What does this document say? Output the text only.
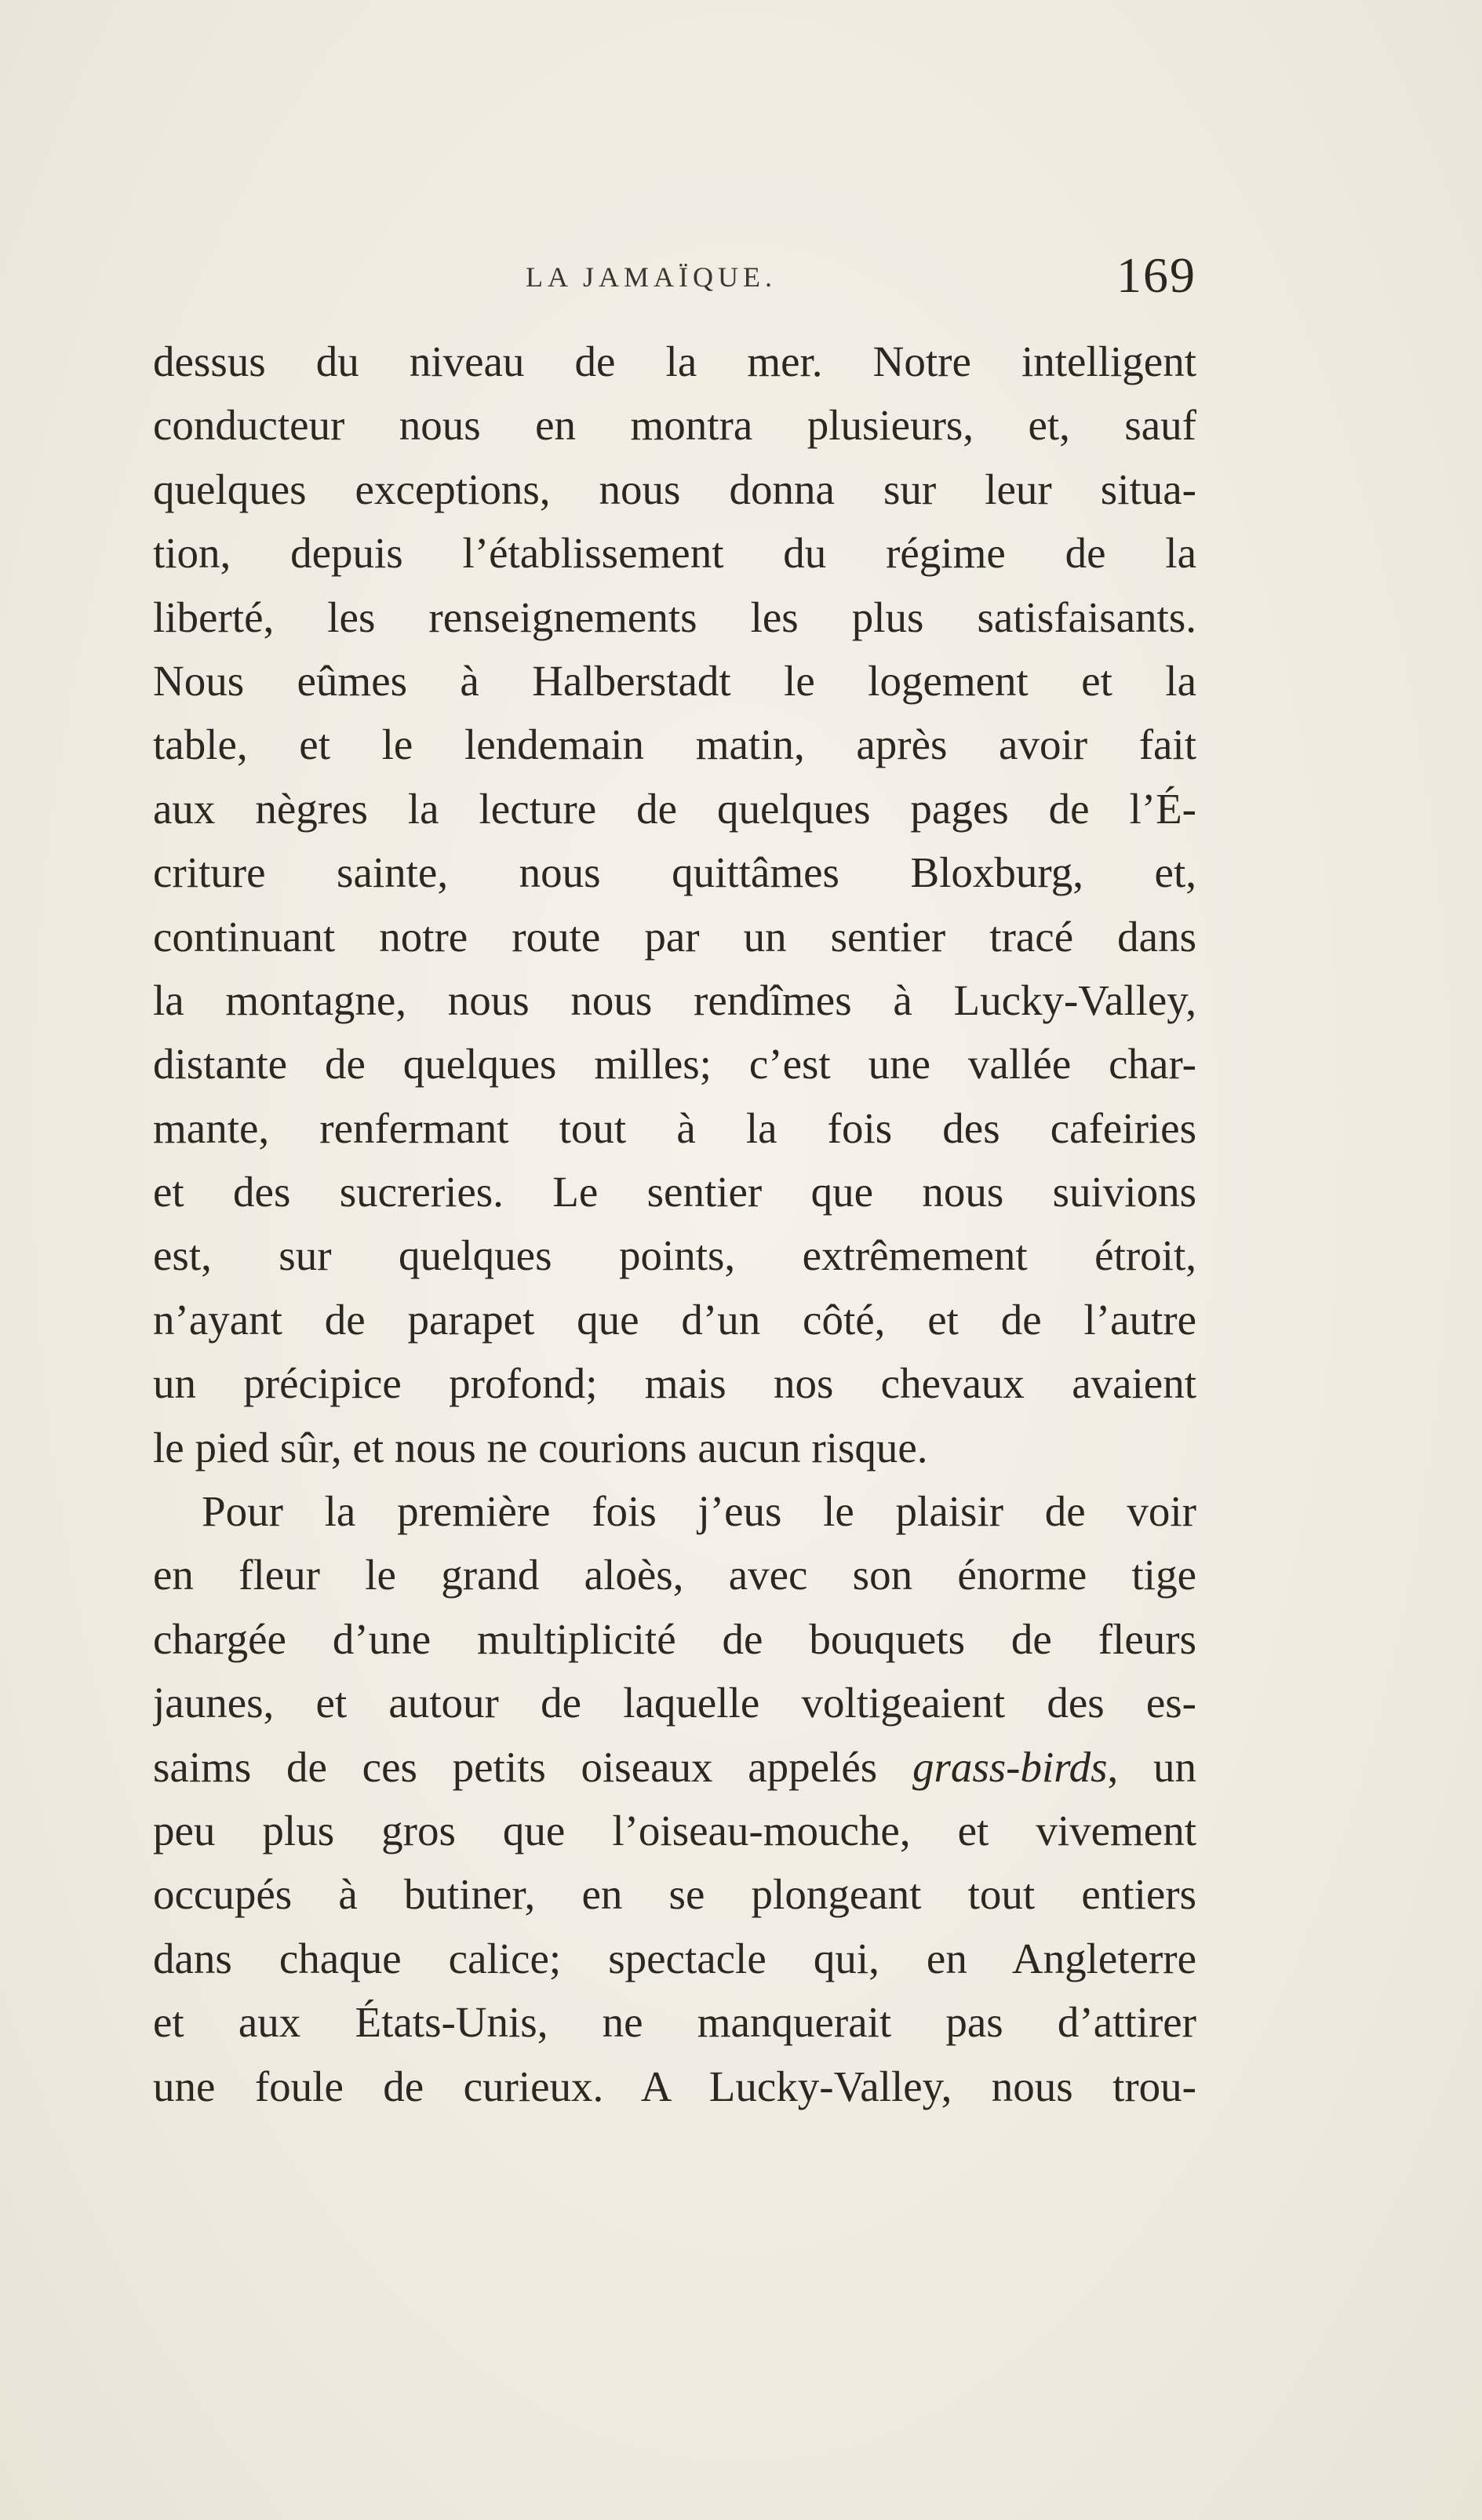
LA JAMAÏQUE.	169
dessus du niveau de la mer. Notre intelligent
conducteur nous en montra plusieurs, et, sauf
quelques exceptions, nous donna sur leur situa-
tion, depuis l’établissement du régime de la
liberté, les renseignements les plus satisfaisants.
Nous eûmes à Halberstadt le logement et la
table, et le lendemain matin, après avoir fait
aux nègres la lecture de quelques pages de l’É-
criture sainte, nous quittâmes Bloxburg, et,
continuant notre route par un sentier tracé dans
la montagne, nous nous rendîmes à Lucky-Valley,
distante de quelques milles; c’est une vallée char-
mante, renfermant tout à la fois des cafeiries
et des sucreries. Le sentier que nous suivions
est, sur quelques points, extrêmement étroit,
n’ayant de parapet que d’un côté, et de l’autre
un précipice profond; mais nos chevaux avaient
le pied sûr, et nous ne courions aucun risque.
Pour la première fois j’eus le plaisir de voir
en fleur le grand aloès, avec son énorme tige
chargée d’une multiplicité de bouquets de fleurs
jaunes, et autour de laquelle voltigeaient des es-
saims de ces petits oiseaux appelés grass-birds, un
peu plus gros que l’oiseau-mouche, et vivement
occupés à butiner, en se plongeant tout entiers
dans chaque calice; spectacle qui, en Angleterre
et aux États-Unis, ne manquerait pas d’attirer
une foule de curieux. A Lucky-Valley, nous trou-
